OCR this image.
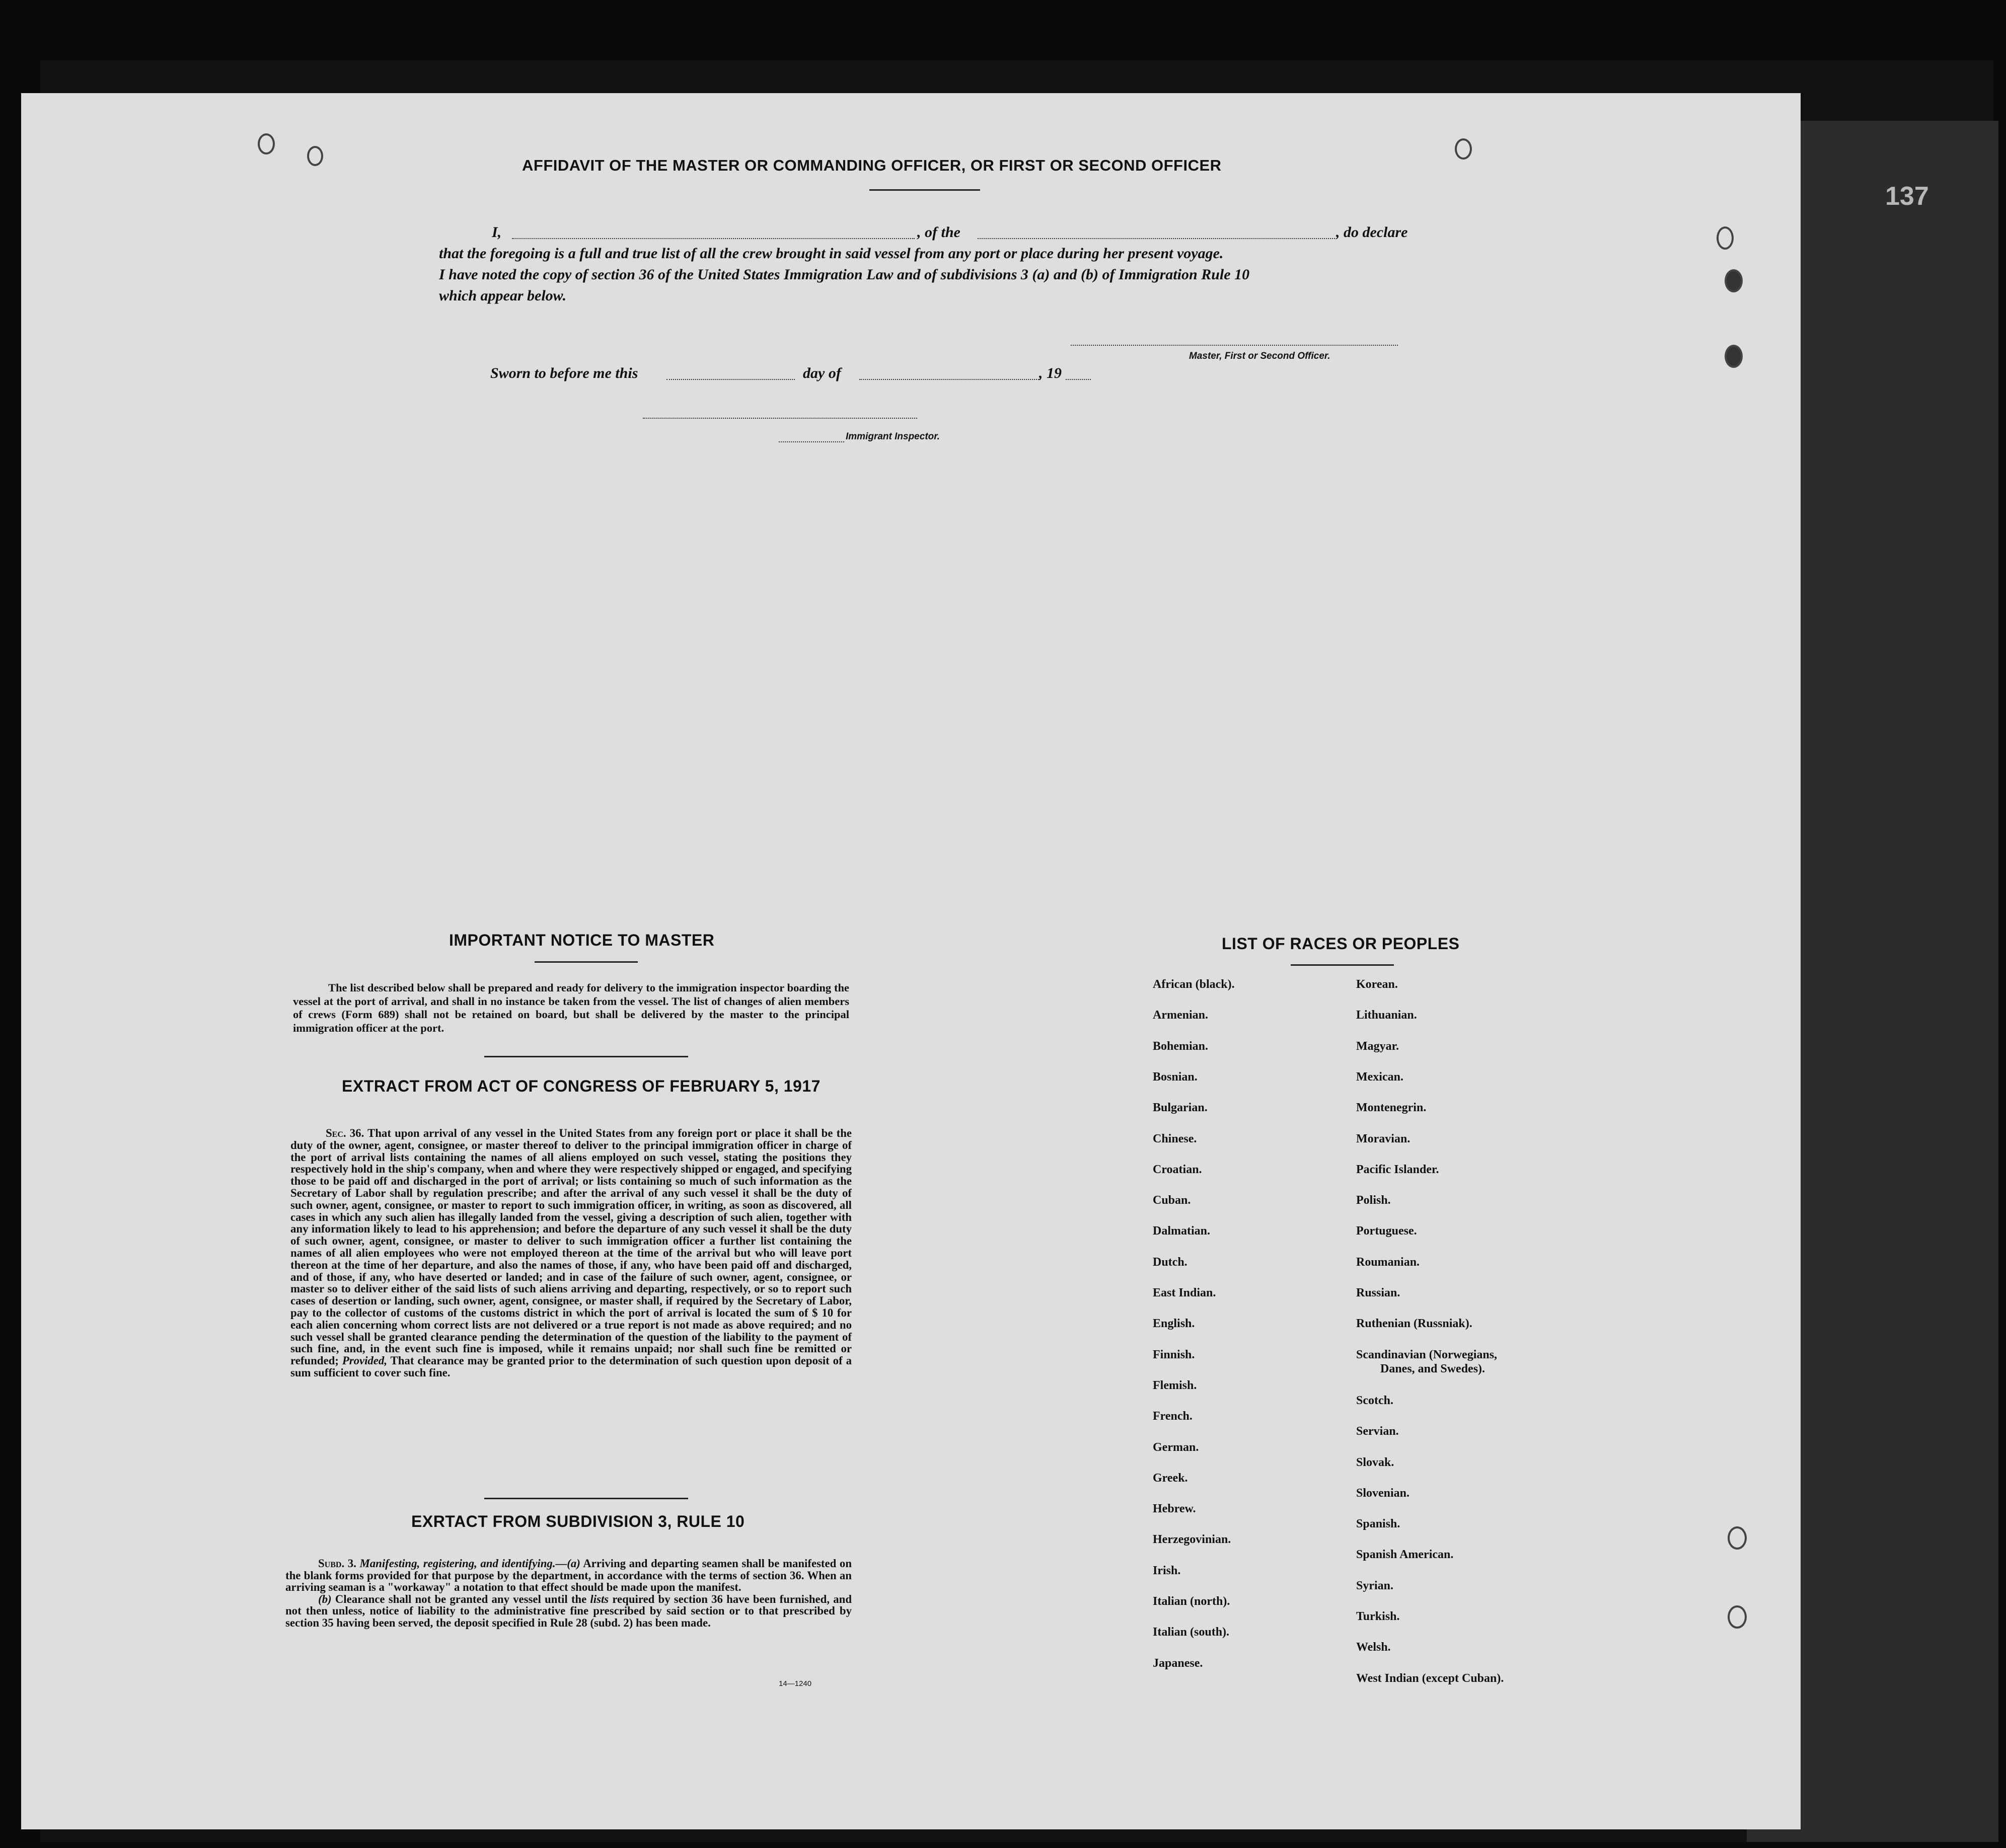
137
AFFIDAVIT OF THE MASTER OR COMMANDING OFFICER, OR FIRST OR SECOND OFFICER
I,	, of the	, do declare
that the foregoing is a full and true list of all the crew brought in said vessel from any port or place during her present voyage.
I have noted the copy of section 36 of the United States Immigration Law and of subdivisions 3 (a) and (b) of Immigration Rule 10
which appear below.
Master, First or Second Officer.
Sworn to before me this	day of	, 19
Immigrant Inspector.
IMPORTANT NOTICE TO MASTER

The list described below shall be prepared and ready for delivery to the immigration inspector boarding the vessel at the port of arrival, and shall in no instance be taken from the vessel. The list of changes of alien members of crews (Form 689) shall not be retained on board, but shall be delivered by the master to the principal immigration officer at the port.

EXTRACT FROM ACT OF CONGRESS OF FEBRUARY 5, 1917

Sec. 36. That upon arrival of any vessel in the United States from any foreign port or place it shall be the duty of the owner, agent, consignee, or master thereof to deliver to the principal immigration officer in charge of the port of arrival lists containing the names of all aliens employed on such vessel, stating the positions they respectively hold in the ship's company, when and where they were respectively shipped or engaged, and specifying those to be paid off and discharged in the port of arrival; or lists containing so much of such information as the Secretary of Labor shall by regulation prescribe; and after the arrival of any such vessel it shall be the duty of such owner, agent, consignee, or master to report to such immigration officer, in writing, as soon as discovered, all cases in which any such alien has illegally landed from the vessel, giving a description of such alien, together with any information likely to lead to his apprehension; and before the departure of any such vessel it shall be the duty of such owner, agent, consignee, or master to deliver to such immigration officer a further list containing the names of all alien employees who were not employed thereon at the time of the arrival but who will leave port thereon at the time of her departure, and also the names of those, if any, who have been paid off and discharged, and of those, if any, who have deserted or landed; and in case of the failure of such owner, agent, consignee, or master so to deliver either of the said lists of such aliens arriving and departing, respectively, or so to report such cases of desertion or landing, such owner, agent, consignee, or master shall, if required by the Secretary of Labor, pay to the collector of customs of the customs district in which the port of arrival is located the sum of $ 10 for each alien concerning whom correct lists are not delivered or a true report is not made as above required; and no such vessel shall be granted clearance pending the determination of the question of the liability to the payment of such fine, and, in the event such fine is imposed, while it remains unpaid; nor shall such fine be remitted or refunded; Provided, That clearance may be granted prior to the determination of such question upon deposit of a sum sufficient to cover such fine.

EXRTACT FROM SUBDIVISION 3, RULE 10

Subd. 3. Manifesting, registering, and identifying.—(a) Arriving and departing seamen shall be manifested on the blank forms provided for that purpose by the department, in accordance with the terms of section 36. When an arriving seaman is a "workaway" a notation to that effect should be made upon the manifest.

(b) Clearance shall not be granted any vessel until the lists required by section 36 have been furnished, and not then unless, notice of liability to the administrative fine prescribed by said section or to that prescribed by section 35 having been served, the deposit specified in Rule 28 (subd. 2) has been made.

14—1240
LIST OF RACES OR PEOPLES
African (black).
Armenian.
Bohemian.
Bosnian.
Bulgarian.
Chinese.
Croatian.
Cuban.
Dalmatian.
Dutch.
East Indian.
English.
Finnish.
Flemish.
French.
German.
Greek.
Hebrew.
Herzegovinian.
Irish.
Italian (north).
Italian (south).
Japanese.
Korean.
Lithuanian.
Magyar.
Mexican.
Montenegrin.
Moravian.
Pacific Islander.
Polish.
Portuguese.
Roumanian.
Russian.
Ruthenian (Russniak).
Scandinavian (Norwegians,
Danes, and Swedes).
Scotch.
Servian.
Slovak.
Slovenian.
Spanish.
Spanish American.
Syrian.
Turkish.
Welsh.
West Indian (except Cuban).
